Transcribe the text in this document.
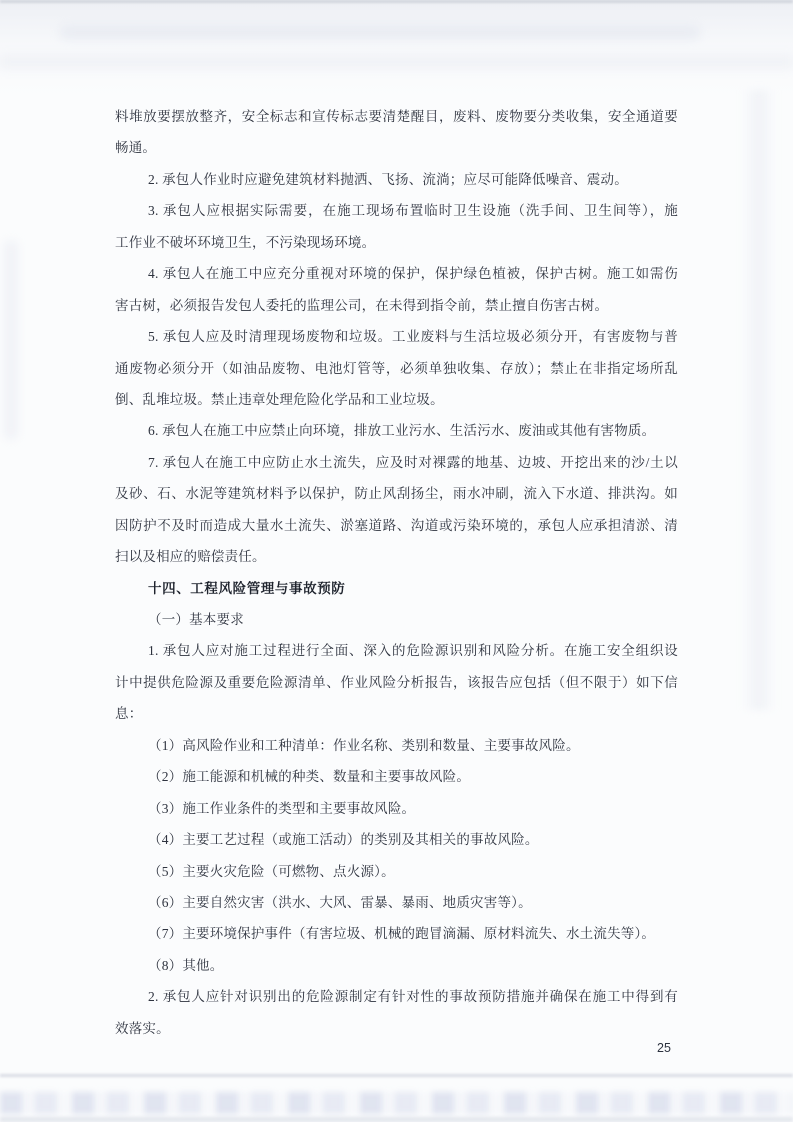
料堆放要摆放整齐，安全标志和宣传标志要清楚醒目，废料、废物要分类收集，安全通道要
畅通。
2. 承包人作业时应避免建筑材料抛洒、飞扬、流淌；应尽可能降低噪音、震动。
3. 承包人应根据实际需要，在施工现场布置临时卫生设施（洗手间、卫生间等），施
工作业不破坏环境卫生，不污染现场环境。
4. 承包人在施工中应充分重视对环境的保护，保护绿色植被，保护古树。施工如需伤
害古树，必须报告发包人委托的监理公司，在未得到指令前，禁止擅自伤害古树。
5. 承包人应及时清理现场废物和垃圾。工业废料与生活垃圾必须分开，有害废物与普
通废物必须分开（如油品废物、电池灯管等，必须单独收集、存放）；禁止在非指定场所乱
倒、乱堆垃圾。禁止违章处理危险化学品和工业垃圾。
6. 承包人在施工中应禁止向环境，排放工业污水、生活污水、废油或其他有害物质。
7. 承包人在施工中应防止水土流失，应及时对裸露的地基、边坡、开挖出来的沙/土以
及砂、石、水泥等建筑材料予以保护，防止风刮扬尘，雨水冲刷，流入下水道、排洪沟。如
因防护不及时而造成大量水土流失、淤塞道路、沟道或污染环境的，承包人应承担清淤、清
扫以及相应的赔偿责任。
十四、工程风险管理与事故预防
（一）基本要求
1. 承包人应对施工过程进行全面、深入的危险源识别和风险分析。在施工安全组织设
计中提供危险源及重要危险源清单、作业风险分析报告，该报告应包括（但不限于）如下信
息：
（1）高风险作业和工种清单：作业名称、类别和数量、主要事故风险。
（2）施工能源和机械的种类、数量和主要事故风险。
（3）施工作业条件的类型和主要事故风险。
（4）主要工艺过程（或施工活动）的类别及其相关的事故风险。
（5）主要火灾危险（可燃物、点火源）。
（6）主要自然灾害（洪水、大风、雷暴、暴雨、地质灾害等）。
（7）主要环境保护事件（有害垃圾、机械的跑冒滴漏、原材料流失、水土流失等）。
（8）其他。
2. 承包人应针对识别出的危险源制定有针对性的事故预防措施并确保在施工中得到有
效落实。
25
